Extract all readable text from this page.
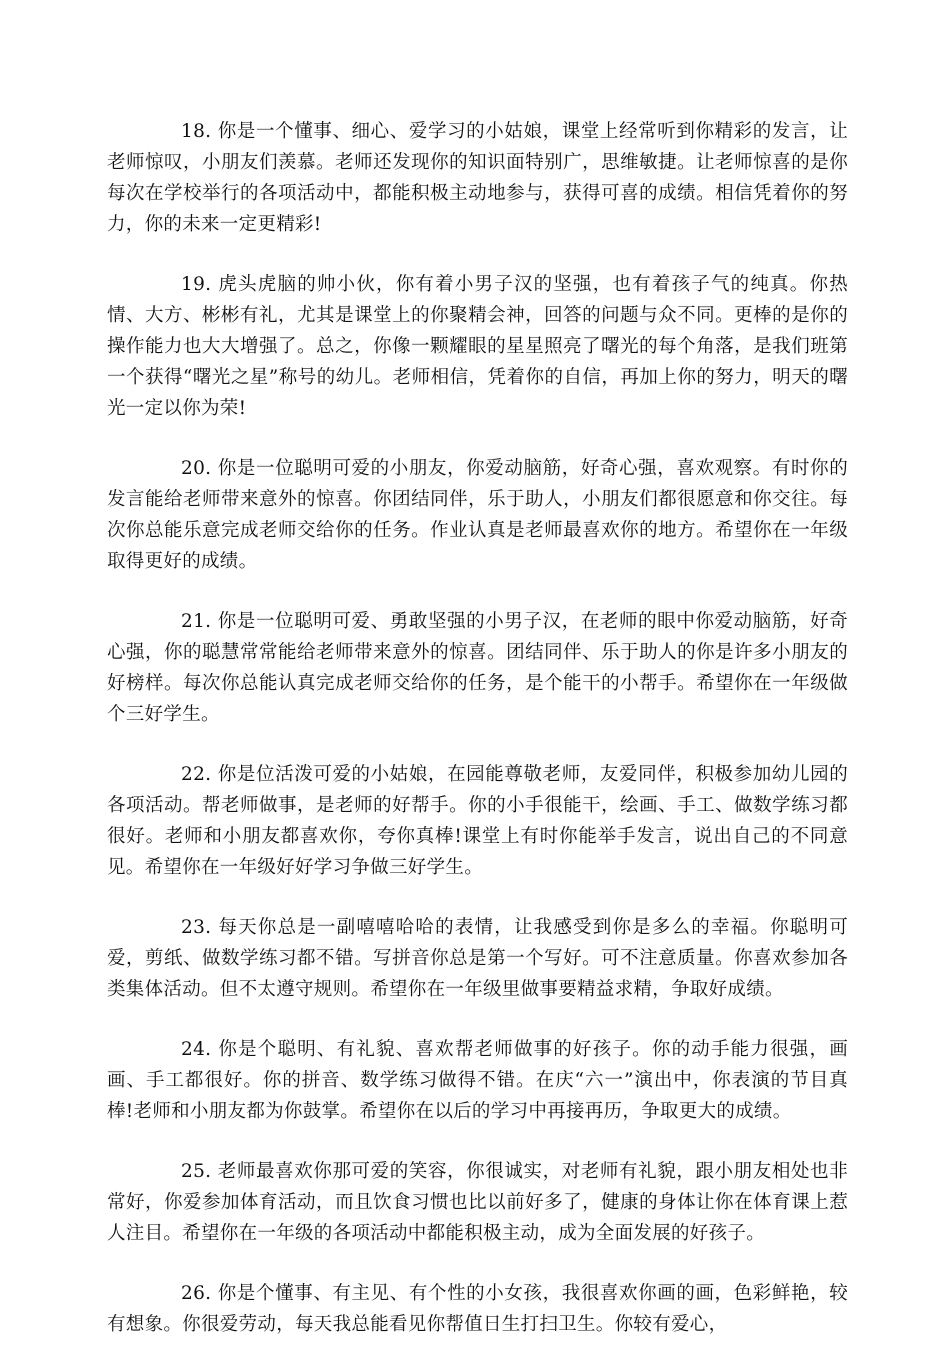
18. 你是一个懂事、细心、爱学习的小姑娘，课堂上经常听到你精彩的发言，让老师惊叹，小朋友们羡慕。老师还发现你的知识面特别广，思维敏捷。让老师惊喜的是你每次在学校举行的各项活动中，都能积极主动地参与，获得可喜的成绩。相信凭着你的努力，你的未来一定更精彩!

19. 虎头虎脑的帅小伙，你有着小男子汉的坚强，也有着孩子气的纯真。你热情、大方、彬彬有礼，尤其是课堂上的你聚精会神，回答的问题与众不同。更棒的是你的操作能力也大大增强了。总之，你像一颗耀眼的星星照亮了曙光的每个角落，是我们班第一个获得“曙光之星”称号的幼儿。老师相信，凭着你的自信，再加上你的努力，明天的曙光一定以你为荣!

20. 你是一位聪明可爱的小朋友，你爱动脑筋，好奇心强，喜欢观察。有时你的发言能给老师带来意外的惊喜。你团结同伴，乐于助人，小朋友们都很愿意和你交往。每次你总能乐意完成老师交给你的任务。作业认真是老师最喜欢你的地方。希望你在一年级取得更好的成绩。

21. 你是一位聪明可爱、勇敢坚强的小男子汉，在老师的眼中你爱动脑筋，好奇心强，你的聪慧常常能给老师带来意外的惊喜。团结同伴、乐于助人的你是许多小朋友的好榜样。每次你总能认真完成老师交给你的任务，是个能干的小帮手。希望你在一年级做个三好学生。

22. 你是位活泼可爱的小姑娘，在园能尊敬老师，友爱同伴，积极参加幼儿园的各项活动。帮老师做事，是老师的好帮手。你的小手很能干，绘画、手工、做数学练习都很好。老师和小朋友都喜欢你，夸你真棒!课堂上有时你能举手发言，说出自己的不同意见。希望你在一年级好好学习争做三好学生。

23. 每天你总是一副嘻嘻哈哈的表情，让我感受到你是多么的幸福。你聪明可爱，剪纸、做数学练习都不错。写拼音你总是第一个写好。可不注意质量。你喜欢参加各类集体活动。但不太遵守规则。希望你在一年级里做事要精益求精，争取好成绩。

24. 你是个聪明、有礼貌、喜欢帮老师做事的好孩子。你的动手能力很强，画画、手工都很好。你的拼音、数学练习做得不错。在庆“六一”演出中，你表演的节目真棒!老师和小朋友都为你鼓掌。希望你在以后的学习中再接再历，争取更大的成绩。

25. 老师最喜欢你那可爱的笑容，你很诚实，对老师有礼貌，跟小朋友相处也非常好，你爱参加体育活动，而且饮食习惯也比以前好多了，健康的身体让你在体育课上惹人注目。希望你在一年级的各项活动中都能积极主动，成为全面发展的好孩子。

26. 你是个懂事、有主见、有个性的小女孩，我很喜欢你画的画，色彩鲜艳，较有想象。你很爱劳动，每天我总能看见你帮值日生打扫卫生。你较有爱心，
